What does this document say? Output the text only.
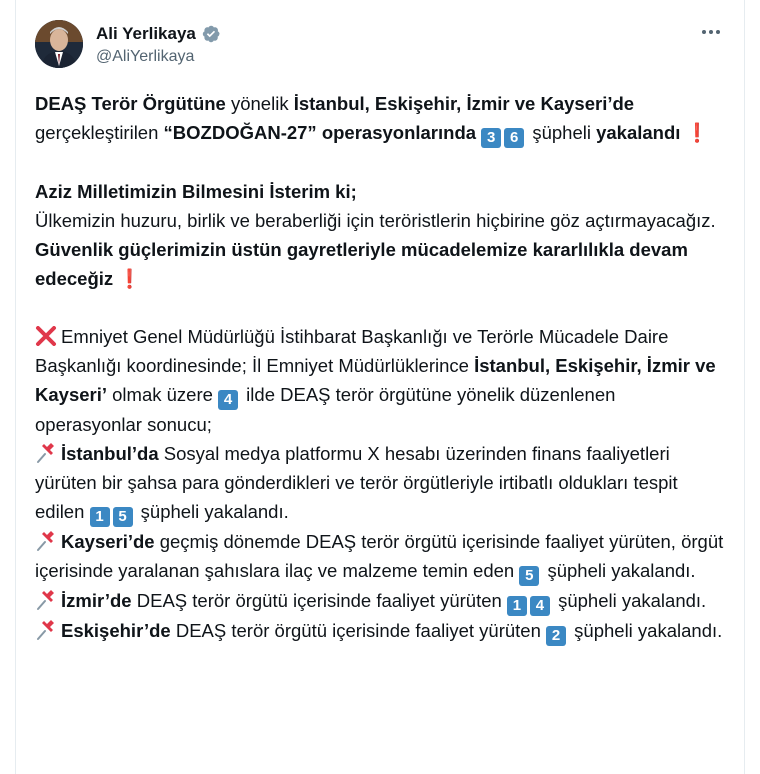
Ali Yerlikaya
@AliYerlikaya

DEAŞ Terör Örgütüne yönelik İstanbul, Eskişehir, İzmir ve Kayseri’de gerçekleştirilen “BOZDOĞAN-27” operasyonlarında 3 6 şüpheli yakalandı ❗

Aziz Milletimizin Bilmesini İsterim ki;
Ülkemizin huzuru, birlik ve beraberliği için teröristlerin hiçbirine göz açtırmayacağız. Güvenlik güçlerimizin üstün gayretleriyle mücadelemize kararlılıkla devam edeceğiz ❗

Emniyet Genel Müdürlüğü İstihbarat Başkanlığı ve Terörle Mücadele Daire Başkanlığı koordinesinde; İl Emniyet Müdürlüklerince İstanbul, Eskişehir, İzmir ve Kayseri’ olmak üzere 4 ilde DEAŞ terör örgütüne yönelik düzenlenen operasyonlar sonucu;

İstanbul’da Sosyal medya platformu X hesabı üzerinden finans faaliyetleri yürüten bir şahsa para gönderdikleri ve terör örgütleriyle irtibatlı oldukları tespit edilen 1 5 şüpheli yakalandı.

Kayseri’de geçmiş dönemde DEAŞ terör örgütü içerisinde faaliyet yürüten, örgüt içerisinde yaralanan şahıslara ilaç ve malzeme temin eden 5 şüpheli yakalandı.

İzmir’de DEAŞ terör örgütü içerisinde faaliyet yürüten 1 4 şüpheli yakalandı.

Eskişehir’de DEAŞ terör örgütü içerisinde faaliyet yürüten 2 şüpheli yakalandı.
